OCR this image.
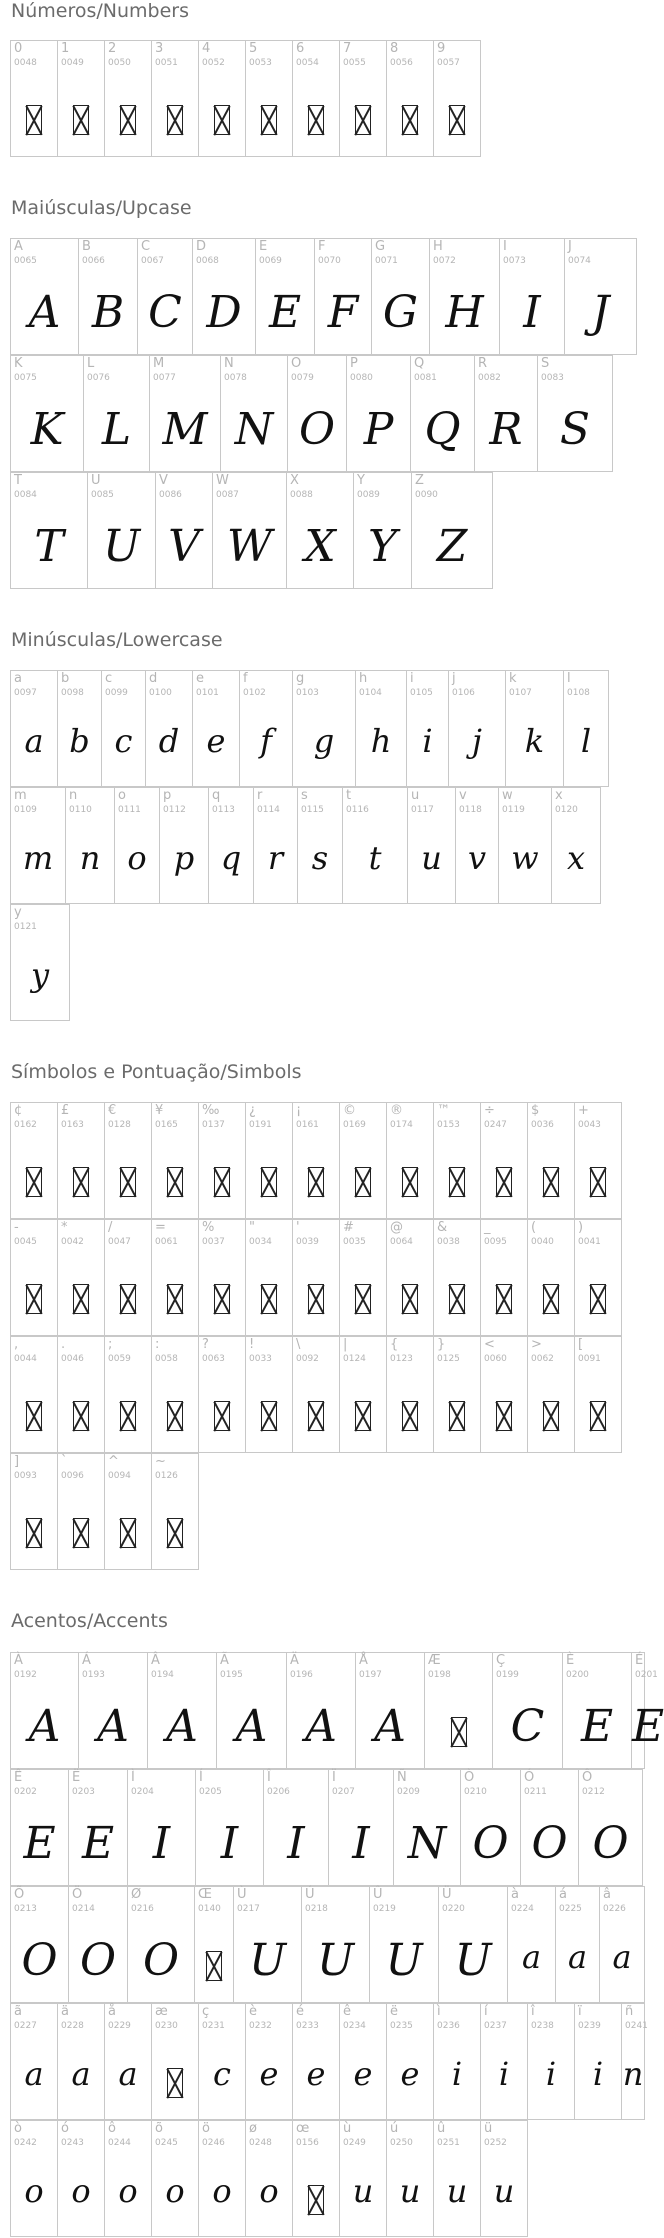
Números/Numbers
0
0048
1
0049
2
0050
3
0051
4
0052
5
0053
6
0054
7
0055
8
0056
9
0057
Maiúsculas/Upcase
A
0065
A
B
0066
B
C
0067
C
D
0068
D
E
0069
E
F
0070
F
G
0071
G
H
0072
H
I
0073
I
J
0074
J
K
0075
K
L
0076
L
M
0077
M
N
0078
N
O
0079
O
P
0080
P
Q
0081
Q
R
0082
R
S
0083
S
T
0084
T
U
0085
U
V
0086
V
W
0087
W
X
0088
X
Y
0089
Y
Z
0090
Z
Minúsculas/Lowercase
a
0097
a
b
0098
b
c
0099
c
d
0100
d
e
0101
e
f
0102
f
g
0103
g
h
0104
h
i
0105
i
j
0106
j
k
0107
k
l
0108
l
m
0109
m
n
0110
n
o
0111
o
p
0112
p
q
0113
q
r
0114
r
s
0115
s
t
0116
t
u
0117
u
v
0118
v
w
0119
w
x
0120
x
y
0121
y
Símbolos e Pontuação/Simbols
¢
0162
£
0163
€
0128
¥
0165
‰
0137
¿
0191
¡
0161
©
0169
®
0174
™
0153
÷
0247
$
0036
+
0043
-
0045
*
0042
/
0047
=
0061
%
0037
"
0034
'
0039
#
0035
@
0064
&
0038
_
0095
(
0040
)
0041
,
0044
.
0046
;
0059
:
0058
?
0063
!
0033
\
0092
|
0124
{
0123
}
0125
<
0060
>
0062
[
0091
]
0093
`
0096
^
0094
~
0126
Acentos/Accents
À
0192
A
Á
0193
A
Â
0194
A
Ã
0195
A
Ä
0196
A
Å
0197
A
Æ
0198
Ç
0199
C
È
0200
E
É
0201
E
Ê
0202
E
Ë
0203
E
Ì
0204
I
Í
0205
I
Î
0206
I
Ï
0207
I
Ñ
0209
N
Ò
0210
O
Ó
0211
O
Ô
0212
O
Õ
0213
O
Ö
0214
O
Ø
0216
O
Œ
0140
Ù
0217
U
Ú
0218
U
Û
0219
U
Ü
0220
U
à
0224
a
á
0225
a
â
0226
a
ã
0227
a
ä
0228
a
å
0229
a
æ
0230
ç
0231
c
è
0232
e
é
0233
e
ê
0234
e
ë
0235
e
ì
0236
i
í
0237
i
î
0238
i
ï
0239
i
ñ
0241
n
ò
0242
o
ó
0243
o
ô
0244
o
õ
0245
o
ö
0246
o
ø
0248
o
œ
0156
ù
0249
u
ú
0250
u
û
0251
u
ü
0252
u
